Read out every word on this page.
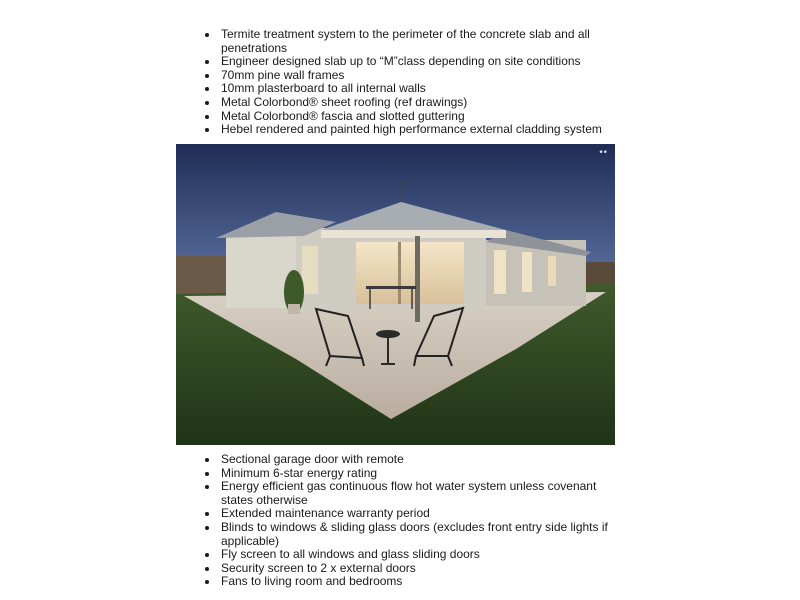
Termite treatment system to the perimeter of the concrete slab and all penetrations
Engineer designed slab up to “M”class depending on site conditions
70mm pine wall frames
10mm plasterboard to all internal walls
Metal Colorbond® sheet roofing (ref drawings)
Metal Colorbond® fascia and slotted guttering
Hebel rendered and painted high performance external cladding system
••
Sectional garage door with remote
Minimum 6-star energy rating
Energy efficient gas continuous flow hot water system unless covenant states otherwise
Extended maintenance warranty period
Blinds to windows & sliding glass doors (excludes front entry side lights if applicable)
Fly screen to all windows and glass sliding doors
Security screen to 2 x external doors
Fans to living room and bedrooms
